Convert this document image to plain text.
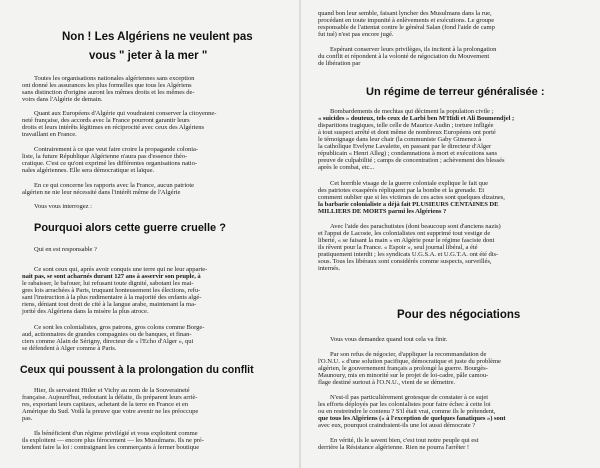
Non ! Les Algériens ne veulent pas
vous " jeter à la mer "
Toutes les organisations nationales algériennes sans exception
ont donné les assurances les plus formelles que tous les Algériens
sans distinction d'origine auront les mêmes droits et les mêmes de-
voirs dans l'Algérie de demain.
Quant aux Européens d'Algérie qui voudraient conserver la citoyenne-
neté française, des accords avec la France pourront garantir leurs
droits et leurs intérêts légitimes en réciprocité avec ceux des Algériens
travaillant en France.
Contrairement à ce que veut faire croire la propagande colonia-
liste, la future République Algérienne n'aura pas d'essence théo-
cratique. C'est ce qu'ont exprimé les différentes organisations natio-
nales algériennes. Elle sera démocratique et laïque.
En ce qui concerne les rapports avec la France, aucun patriote
algérien ne nie leur nécessité dans l'intérêt même de l'Algérie
Vous vous interrogez :
Pourquoi alors cette guerre cruelle ?
Qui en est responsable ?
Ce sont ceux qui, après avoir conquis une terre qui ne leur apparte-
nait pas, se sont acharnés durant 127 ans à asservir son peuple, à
le rabaisser, le bafouer, lui refusant toute dignité, sabotant les mai-
gres lois arrachées à Paris, truquant honteusement les élections, refu-
sant l'instruction à la plus rudimentaire à la majorité des enfants algé-
riens, déniant tout droit de cité à la langue arabe, maintenant la ma-
jorité des Algériens dans la misère la plus atroce.
Ce sont les colonialistes, gros patrons, gros colons comme Borge-
aud, actionnaires de grandes compagnies ou de banques, et finan-
ciers comme Alain de Sérigny, directeur de « l'Echo d'Alger », qui
se défendent à Alger comme à Paris.
Ceux qui poussent à la prolongation du conflit
Hier, ils servaient Hitler et Vichy au nom de la Souveraineté
française. Aujourd'hui, redoutant la défaite, ils préparent leurs arriè-
res, exportant leurs capitaux, achetant de la terre en France et en
Amérique du Sud. Voilà la preuve que votre avenir ne les préoccupe
pas.
Ils bénéficient d'un régime privilégié et vous exploitent comme
ils exploitent — encore plus férocement — les Musulmans. Ils ne pré-
tendent faire la loi : contraignant les commerçants à fermer boutique
quand bon leur semble, faisant lyncher des Musulmans dans la rue,
procédant en toute impunité à enlèvements et exécutions. Le groupe
responsable de l'attentat contre le général Salan (fond l'aide de camp
fut tué) n'est pas encore jugé.
Espérant conserver leurs privilèges, ils incitent à la prolongation
du conflit et répondent à la volonté de négociation du Mouvement
de libération par
Un régime de terreur généralisée :
Bombardements de mechtas qui déciment la population civile ;
« suicides » douteux, tels ceux de Larbi ben M'Hidi et Ali Boumendjel ;
disparitions tragiques, telle celle de Maurice Audin ; torture infligée
à tout suspect arrêté et dont même de nombreux Européens ont porté
le témoignage dans leur chair (la communiste Gaby Gimenez à
la catholique Evelyne Lavalette, en passant par le directeur d'Alger
républicain « Henri Alleg) ; condamnations à mort et exécutions sans
preuve de culpabilité ; camps de concentration ; achèvement des blessés
après le combat, etc...
Cet horrible visage de la guerre coloniale explique le fait que
des patriotes exaspérés répliquent par la bombe et la grenade. Et
comment oublier que si les victimes de ces actes sont quelques dizaines,
la barbarie colonialiste a déjà fait PLUSIEURS CENTAINES DE
MILLIERS DE MORTS parmi les Algériens ?
Avec l'aide des parachutistes (dont beaucoup sont d'anciens nazis)
et l'appui de Lacoste, les colonialistes ont supprimé tout vestige de
liberté, « se faisant la main » en Algérie pour le régime fasciste dont
ils rêvent pour la France. « Espoir », seul journal libéral, a été
pratiquement interdit ; les syndicats U.G.S.A. et U.G.T.A. ont été dis-
sous. Tous les libéraux sont considérés comme suspects, surveillés,
internés.
Pour des négociations
Vous vous demandez quand tout cela va finir.
Par son refus de négocier, d'appliquer la recommandation de
l'O.N.U. « d'une solution pacifique, démocratique et juste du problème
algérien, le gouvernement français a prolongé la guerre. Bourgès-
Maunoury, mis en minorité sur le projet de loi-cadre, pâle camou-
flage destiné surtout à l'O.N.U., vient de se démettre.
N'est-il pas particulièrement grotesque de constater à ce sujet
les efforts déployés par les colonialistes pour faire échec à cette loi
ou en restreindre le contenu ? S'il était vrai, comme ils le prétendent,
que tous les Algériens (« à l'exception de quelques fanatiques ») sont
avec eux, pourquoi craindraient-ils une loi aussi démocrate ?
En vérité, ils le savent bien, c'est tout notre peuple qui est
derrière la Résistance algérienne. Rien ne pourra l'arrêter !
